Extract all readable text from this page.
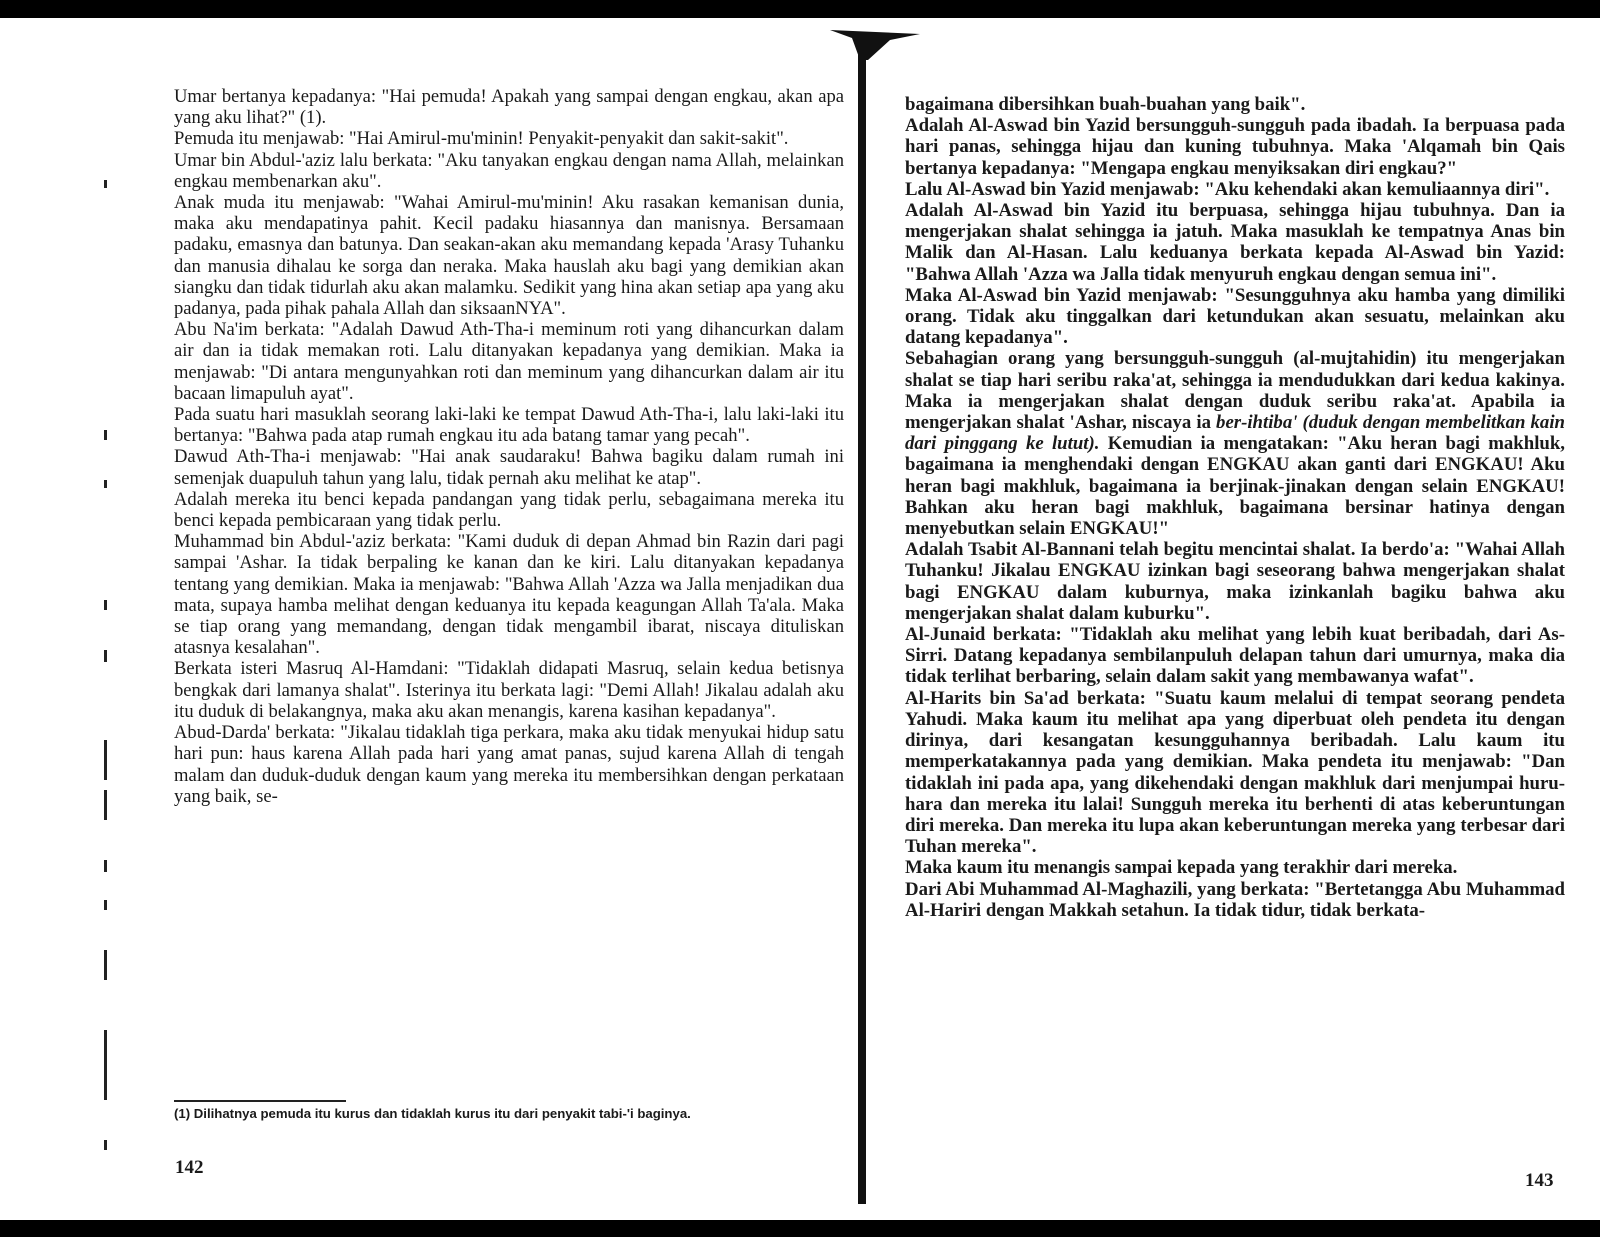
Umar bertanya kepadanya: "Hai pemuda! Apakah yang sampai dengan engkau, akan apa yang aku lihat?" (1).

Pemuda itu menjawab: "Hai Amirul-mu'minin! Penyakit-penyakit dan sakit-sakit".

Umar bin Abdul-'aziz lalu berkata: "Aku tanyakan engkau dengan nama Allah, melainkan engkau membenarkan aku".

Anak muda itu menjawab: "Wahai Amirul-mu'minin! Aku rasakan kemanisan dunia, maka aku mendapatinya pahit. Kecil padaku hiasannya dan manisnya. Bersamaan padaku, emasnya dan batunya. Dan seakan-akan aku memandang kepada 'Arasy Tuhanku dan manusia dihalau ke sorga dan neraka. Maka hauslah aku bagi yang demikian akan siangku dan tidak tidurlah aku akan malamku. Sedikit yang hina akan setiap apa yang aku padanya, pada pihak pahala Allah dan siksaanNYA".

Abu Na'im berkata: "Adalah Dawud Ath-Tha-i meminum roti yang dihancurkan dalam air dan ia tidak memakan roti. Lalu ditanyakan kepadanya yang demikian. Maka ia menjawab: "Di antara mengunyahkan roti dan meminum yang dihancurkan dalam air itu bacaan limapuluh ayat".

Pada suatu hari masuklah seorang laki-laki ke tempat Dawud Ath-Tha-i, lalu laki-laki itu bertanya: "Bahwa pada atap rumah engkau itu ada batang tamar yang pecah".

Dawud Ath-Tha-i menjawab: "Hai anak saudaraku! Bahwa bagiku dalam rumah ini semenjak duapuluh tahun yang lalu, tidak pernah aku melihat ke atap".

Adalah mereka itu benci kepada pandangan yang tidak perlu, sebagaimana mereka itu benci kepada pembicaraan yang tidak perlu.

Muhammad bin Abdul-'aziz berkata: "Kami duduk di depan Ahmad bin Razin dari pagi sampai 'Ashar. Ia tidak berpaling ke kanan dan ke kiri. Lalu ditanyakan kepadanya tentang yang demikian. Maka ia menjawab: "Bahwa Allah 'Azza wa Jalla menjadikan dua mata, supaya hamba melihat dengan keduanya itu kepada keagungan Allah Ta'ala. Maka se tiap orang yang memandang, dengan tidak mengambil ibarat, niscaya dituliskan atasnya kesalahan".

Berkata isteri Masruq Al-Hamdani: "Tidaklah didapati Masruq, selain kedua betisnya bengkak dari lamanya shalat". Isterinya itu berkata lagi: "Demi Allah! Jikalau adalah aku itu duduk di belakangnya, maka aku akan menangis, karena kasihan kepadanya".

Abud-Darda' berkata: "Jikalau tidaklah tiga perkara, maka aku tidak menyukai hidup satu hari pun: haus karena Allah pada hari yang amat panas, sujud karena Allah di tengah malam dan duduk-duduk dengan kaum yang mereka itu membersihkan dengan perkataan yang baik, se-

(1) Dilihatnya pemuda itu kurus dan tidaklah kurus itu dari penyakit tabi-'i baginya.

142

bagaimana dibersihkan buah-buahan yang baik".

Adalah Al-Aswad bin Yazid bersungguh-sungguh pada ibadah. Ia berpuasa pada hari panas, sehingga hijau dan kuning tubuhnya. Maka 'Alqamah bin Qais bertanya kepadanya: "Mengapa engkau menyiksakan diri engkau?"

Lalu Al-Aswad bin Yazid menjawab: "Aku kehendaki akan kemuliaannya diri".

Adalah Al-Aswad bin Yazid itu berpuasa, sehingga hijau tubuhnya. Dan ia mengerjakan shalat sehingga ia jatuh. Maka masuklah ke tempatnya Anas bin Malik dan Al-Hasan. Lalu keduanya berkata kepada Al-Aswad bin Yazid: "Bahwa Allah 'Azza wa Jalla tidak menyuruh engkau dengan semua ini".

Maka Al-Aswad bin Yazid menjawab: "Sesungguhnya aku hamba yang dimiliki orang. Tidak aku tinggalkan dari ketundukan akan sesuatu, melainkan aku datang kepadanya".

Sebahagian orang yang bersungguh-sungguh (al-mujtahidin) itu mengerjakan shalat se tiap hari seribu raka'at, sehingga ia mendudukkan dari kedua kakinya. Maka ia mengerjakan shalat dengan duduk seribu raka'at. Apabila ia mengerjakan shalat 'Ashar, niscaya ia ber-ihtiba' (duduk dengan membelitkan kain dari pinggang ke lutut). Kemudian ia mengatakan: "Aku heran bagi makhluk, bagaimana ia menghendaki dengan ENGKAU akan ganti dari ENGKAU! Aku heran bagi makhluk, bagaimana ia berjinak-jinakan dengan selain ENGKAU! Bahkan aku heran bagi makhluk, bagaimana bersinar hatinya dengan menyebutkan selain ENGKAU!"

Adalah Tsabit Al-Bannani telah begitu mencintai shalat. Ia berdo'a: "Wahai Allah Tuhanku! Jikalau ENGKAU izinkan bagi seseorang bahwa mengerjakan shalat bagi ENGKAU dalam kuburnya, maka izinkanlah bagiku bahwa aku mengerjakan shalat dalam kuburku".

Al-Junaid berkata: "Tidaklah aku melihat yang lebih kuat beribadah, dari As-Sirri. Datang kepadanya sembilanpuluh delapan tahun dari umurnya, maka dia tidak terlihat berbaring, selain dalam sakit yang membawanya wafat".

Al-Harits bin Sa'ad berkata: "Suatu kaum melalui di tempat seorang pendeta Yahudi. Maka kaum itu melihat apa yang diperbuat oleh pendeta itu dengan dirinya, dari kesangatan kesungguhannya beribadah. Lalu kaum itu memperkatakannya pada yang demikian. Maka pendeta itu menjawab: "Dan tidaklah ini pada apa, yang dikehendaki dengan makhluk dari menjumpai huru-hara dan mereka itu lalai! Sungguh mereka itu berhenti di atas keberuntungan diri mereka. Dan mereka itu lupa akan keberuntungan mereka yang terbesar dari Tuhan mereka".

Maka kaum itu menangis sampai kepada yang terakhir dari mereka.

Dari Abi Muhammad Al-Maghazili, yang berkata: "Bertetangga Abu Muhammad Al-Hariri dengan Makkah setahun. Ia tidak tidur, tidak berkata-

143
